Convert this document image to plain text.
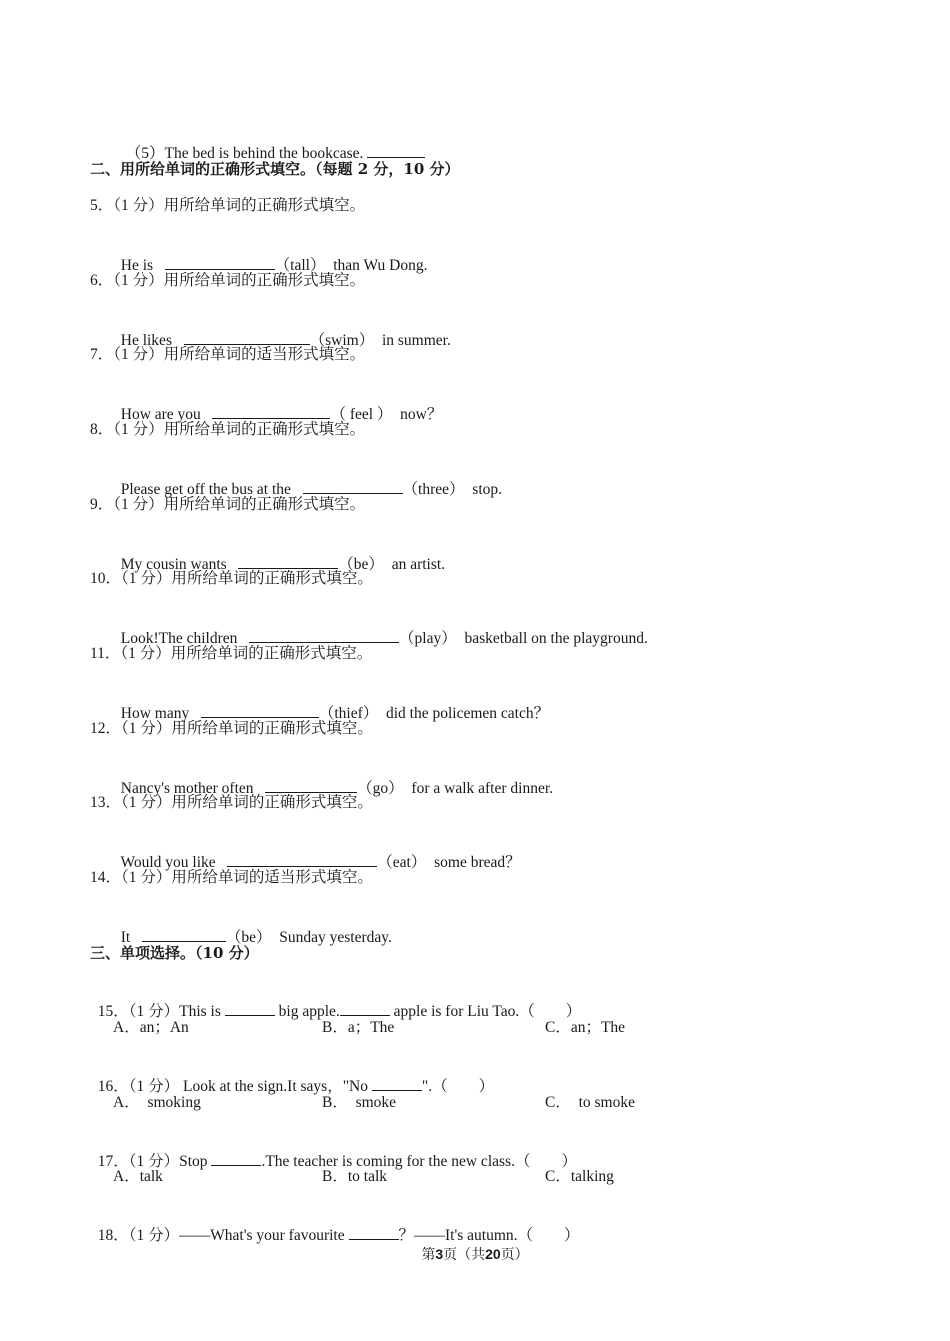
（5）The bed is behind the bookcase.

二、用所给单词的正确形式填空。（每题 2 分，10 分）
5．（1 分）用所给单词的正确形式填空。

He is	（tall） than Wu Dong.

6．（1 分）用所给单词的正确形式填空。

He likes	（swim） in summer.

7．（1 分）用所给单词的适当形式填空。

How are you	（ feel ） now？

8．（1 分）用所给单词的正确形式填空。

Please get off the bus at the	（three） stop.

9．（1 分）用所给单词的正确形式填空。

My cousin wants	（be） an artist.

10．（1 分）用所给单词的正确形式填空。

Look!The children	（play） basketball on the playground.

11．（1 分）用所给单词的正确形式填空。

How many	（thief） did the policemen catch？

12．（1 分）用所给单词的正确形式填空。

Nancy's mother often	（go） for a walk after dinner.

13．（1 分）用所给单词的正确形式填空。

Would you like	（eat） some bread？

14．（1 分）用所给单词的适当形式填空。

It	（be） Sunday yesterday.

三、单项选择。（10 分）

15．（1 分）This is	big apple.	apple is for Liu Tao.（　　）

A．an；An	B．a；The	C．an；The

16．（1 分） Look at the sign.It says，"No	".（　　）

A．　smoking	B．　smoke	C．　to smoke

17．（1 分）Stop	.The teacher is coming for the new class.（　　）

A．talk	B．to talk	C．talking

18．（1 分）——What's your favourite	？——It's autumn.（　　）

第3页（共20页）
